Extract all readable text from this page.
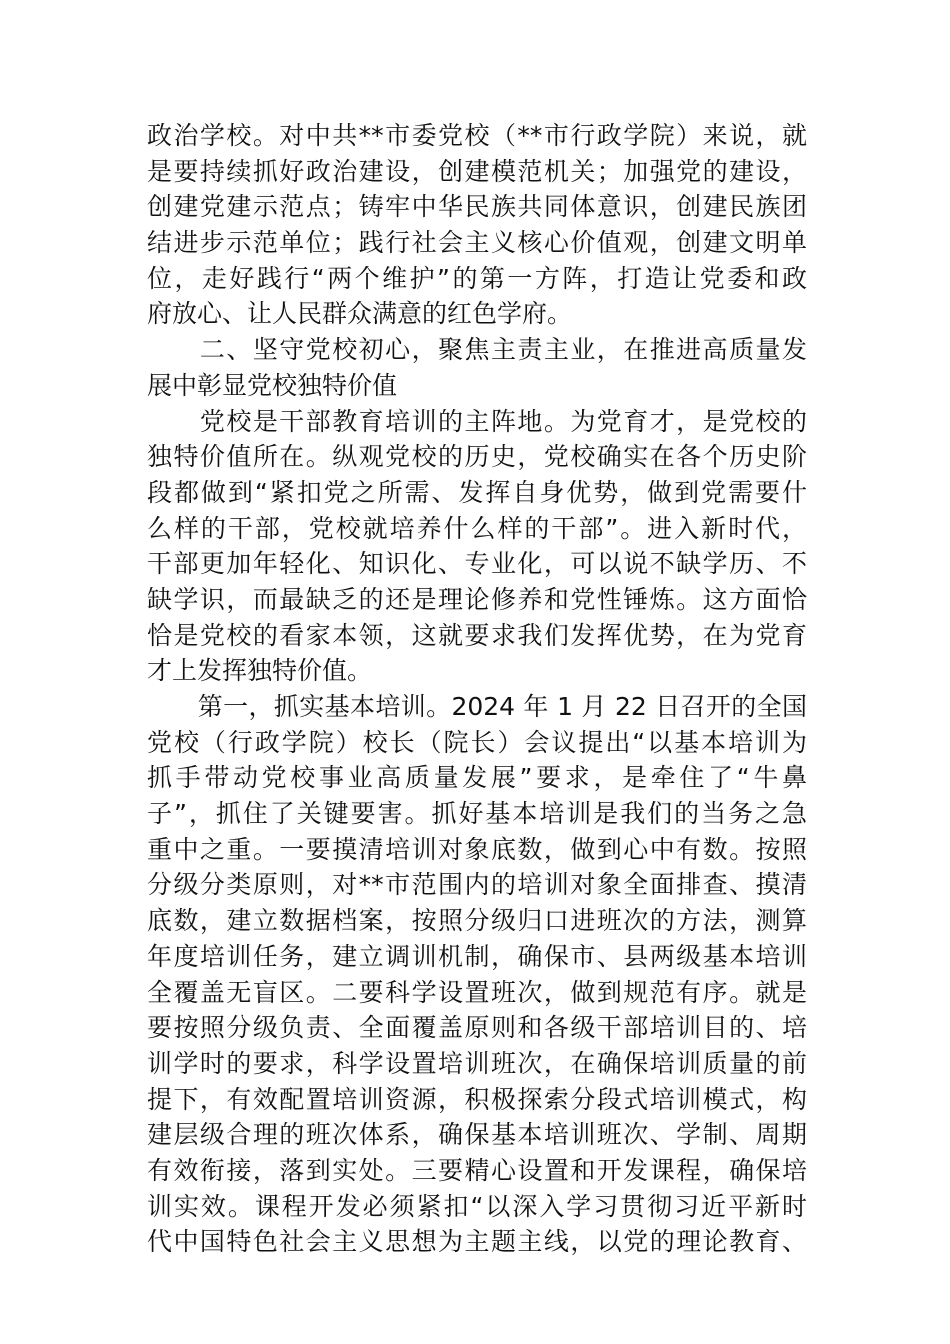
政治学校。对中共**市委党校（**市行政学院）来说，就
是要持续抓好政治建设，创建模范机关；加强党的建设，
创建党建示范点；铸牢中华民族共同体意识，创建民族团
结进步示范单位；践行社会主义核心价值观，创建文明单
位，走好践行“两个维护”的第一方阵，打造让党委和政
府放心、让人民群众满意的红色学府。
　　二、坚守党校初心，聚焦主责主业，在推进高质量发
展中彰显党校独特价值
　　党校是干部教育培训的主阵地。为党育才，是党校的
独特价值所在。纵观党校的历史，党校确实在各个历史阶
段都做到“紧扣党之所需、发挥自身优势，做到党需要什
么样的干部，党校就培养什么样的干部”。进入新时代，
干部更加年轻化、知识化、专业化，可以说不缺学历、不
缺学识，而最缺乏的还是理论修养和党性锤炼。这方面恰
恰是党校的看家本领，这就要求我们发挥优势，在为党育
才上发挥独特价值。
　　第一，抓实基本培训。2024 年 1 月 22 日召开的全国
党校（行政学院）校长（院长）会议提出“以基本培训为
抓手带动党校事业高质量发展”要求，是牵住了“牛鼻
子”，抓住了关键要害。抓好基本培训是我们的当务之急
重中之重。一要摸清培训对象底数，做到心中有数。按照
分级分类原则，对**市范围内的培训对象全面排查、摸清
底数，建立数据档案，按照分级归口进班次的方法，测算
年度培训任务，建立调训机制，确保市、县两级基本培训
全覆盖无盲区。二要科学设置班次，做到规范有序。就是
要按照分级负责、全面覆盖原则和各级干部培训目的、培
训学时的要求，科学设置培训班次，在确保培训质量的前
提下，有效配置培训资源，积极探索分段式培训模式，构
建层级合理的班次体系，确保基本培训班次、学制、周期
有效衔接，落到实处。三要精心设置和开发课程，确保培
训实效。课程开发必须紧扣“以深入学习贯彻习近平新时
代中国特色社会主义思想为主题主线，以党的理论教育、
